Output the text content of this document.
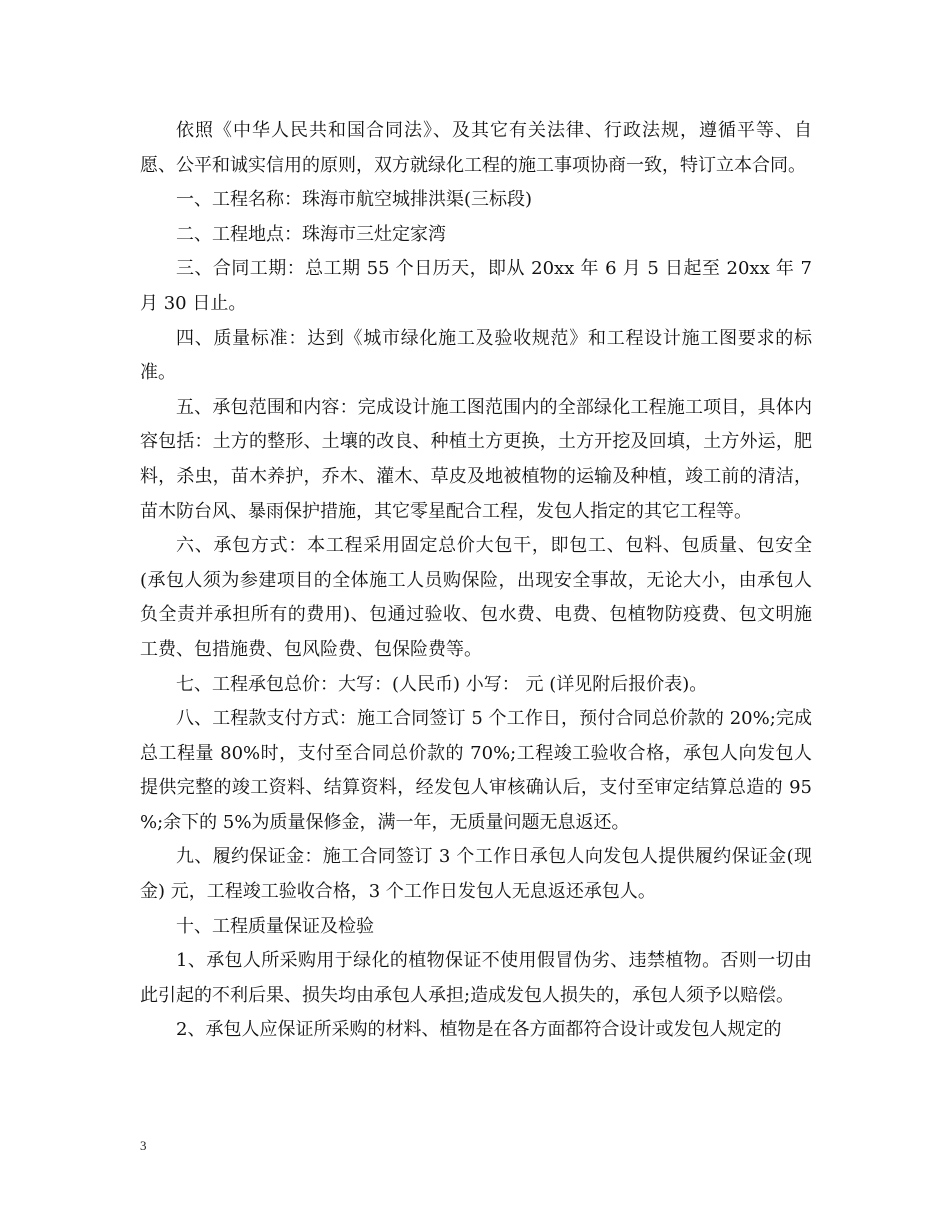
依照《中华人民共和国合同法》、及其它有关法律、行政法规，遵循平等、自愿、公平和诚实信用的原则，双方就绿化工程的施工事项协商一致，特订立本合同。

一、工程名称：珠海市航空城排洪渠(三标段)

二、工程地点：珠海市三灶定家湾

三、合同工期：总工期 55 个日历天，即从 20xx 年 6 月 5 日起至 20xx 年 7 月 30 日止。

四、质量标准：达到《城市绿化施工及验收规范》和工程设计施工图要求的标准。

五、承包范围和内容：完成设计施工图范围内的全部绿化工程施工项目，具体内容包括：土方的整形、土壤的改良、种植土方更换，土方开挖及回填，土方外运，肥料，杀虫，苗木养护，乔木、灌木、草皮及地被植物的运输及种植，竣工前的清洁，苗木防台风、暴雨保护措施，其它零星配合工程，发包人指定的其它工程等。

六、承包方式：本工程采用固定总价大包干，即包工、包料、包质量、包安全(承包人须为参建项目的全体施工人员购保险，出现安全事故，无论大小，由承包人负全责并承担所有的费用)、包通过验收、包水费、电费、包植物防疫费、包文明施工费、包措施费、包风险费、包保险费等。

七、工程承包总价：大写：(人民币) 小写： 元 (详见附后报价表)。

八、工程款支付方式：施工合同签订 5 个工作日，预付合同总价款的 20%;完成总工程量 80%时，支付至合同总价款的 70%;工程竣工验收合格，承包人向发包人提供完整的竣工资料、结算资料，经发包人审核确认后，支付至审定结算总造的 95 %;余下的 5%为质量保修金，满一年，无质量问题无息返还。

九、履约保证金：施工合同签订 3 个工作日承包人向发包人提供履约保证金(现金) 元，工程竣工验收合格，3 个工作日发包人无息返还承包人。

十、工程质量保证及检验

1、承包人所采购用于绿化的植物保证不使用假冒伪劣、违禁植物。否则一切由此引起的不利后果、损失均由承包人承担;造成发包人损失的，承包人须予以赔偿。

2、承包人应保证所采购的材料、植物是在各方面都符合设计或发包人规定的

3
